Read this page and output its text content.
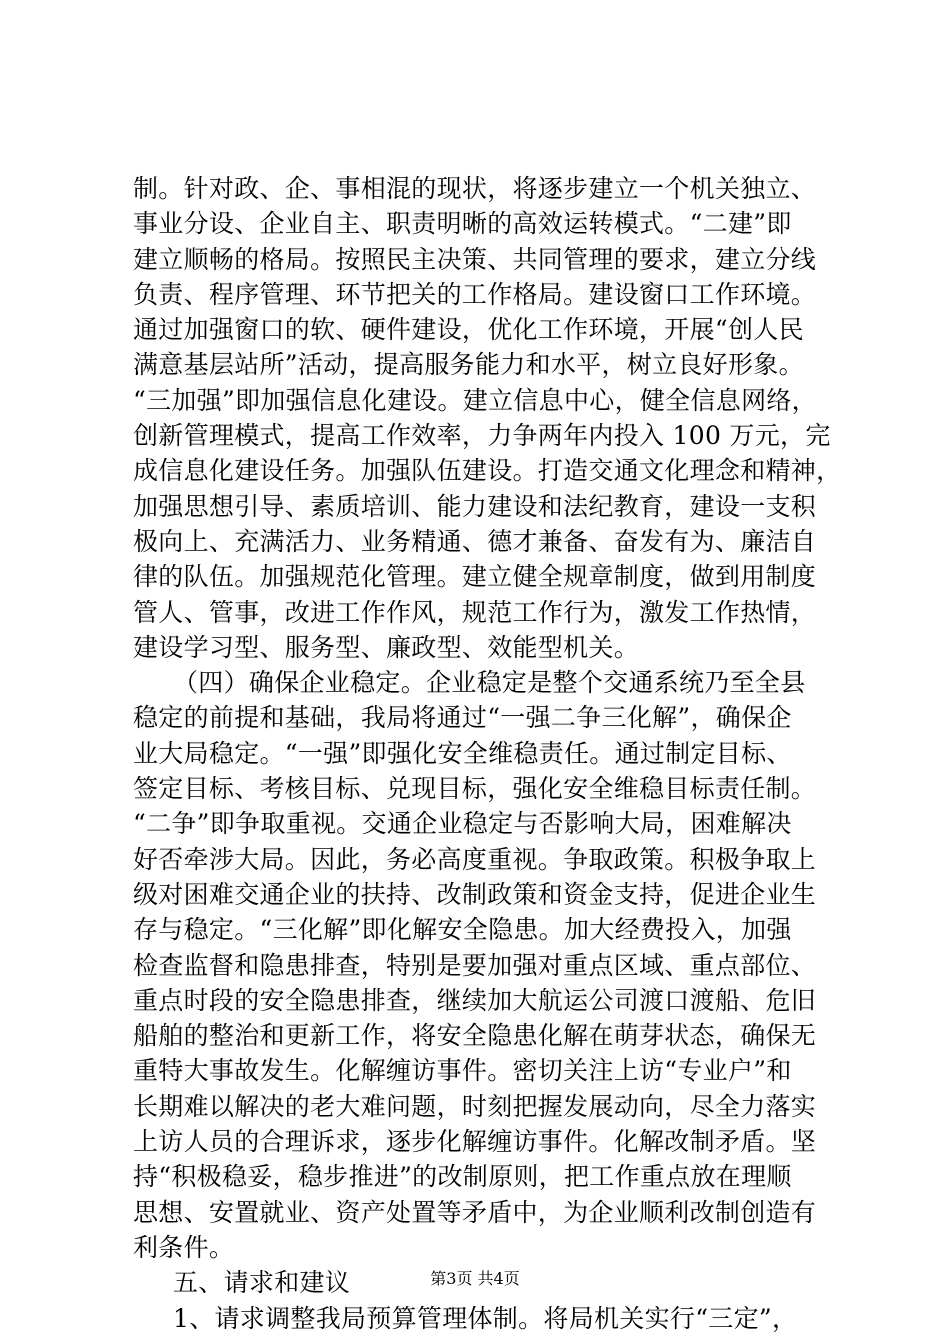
制。针对政、企、事相混的现状，将逐步建立一个机关独立、
事业分设、企业自主、职责明晰的高效运转模式。“二建”即
建立顺畅的格局。按照民主决策、共同管理的要求，建立分线
负责、程序管理、环节把关的工作格局。建设窗口工作环境。
通过加强窗口的软、硬件建设，优化工作环境，开展“创人民
满意基层站所”活动，提高服务能力和水平，树立良好形象。
“三加强”即加强信息化建设。建立信息中心，健全信息网络，
创新管理模式，提高工作效率，力争两年内投入 100 万元，完
成信息化建设任务。加强队伍建设。打造交通文化理念和精神，
加强思想引导、素质培训、能力建设和法纪教育，建设一支积
极向上、充满活力、业务精通、德才兼备、奋发有为、廉洁自
律的队伍。加强规范化管理。建立健全规章制度，做到用制度
管人、管事，改进工作作风，规范工作行为，激发工作热情，
建设学习型、服务型、廉政型、效能型机关。
（四）确保企业稳定。企业稳定是整个交通系统乃至全县
稳定的前提和基础，我局将通过“一强二争三化解”，确保企
业大局稳定。“一强”即强化安全维稳责任。通过制定目标、
签定目标、考核目标、兑现目标，强化安全维稳目标责任制。
“二争”即争取重视。交通企业稳定与否影响大局，困难解决
好否牵涉大局。因此，务必高度重视。争取政策。积极争取上
级对困难交通企业的扶持、改制政策和资金支持，促进企业生
存与稳定。“三化解”即化解安全隐患。加大经费投入，加强
检查监督和隐患排查，特别是要加强对重点区域、重点部位、
重点时段的安全隐患排查，继续加大航运公司渡口渡船、危旧
船舶的整治和更新工作，将安全隐患化解在萌芽状态，确保无
重特大事故发生。化解缠访事件。密切关注上访“专业户”和
长期难以解决的老大难问题，时刻把握发展动向，尽全力落实
上访人员的合理诉求，逐步化解缠访事件。化解改制矛盾。坚
持“积极稳妥，稳步推进”的改制原则，把工作重点放在理顺
思想、安置就业、资产处置等矛盾中，为企业顺利改制创造有
利条件。
五、请求和建议
1、请求调整我局预算管理体制。将局机关实行“三定”，
第3页 共4页
